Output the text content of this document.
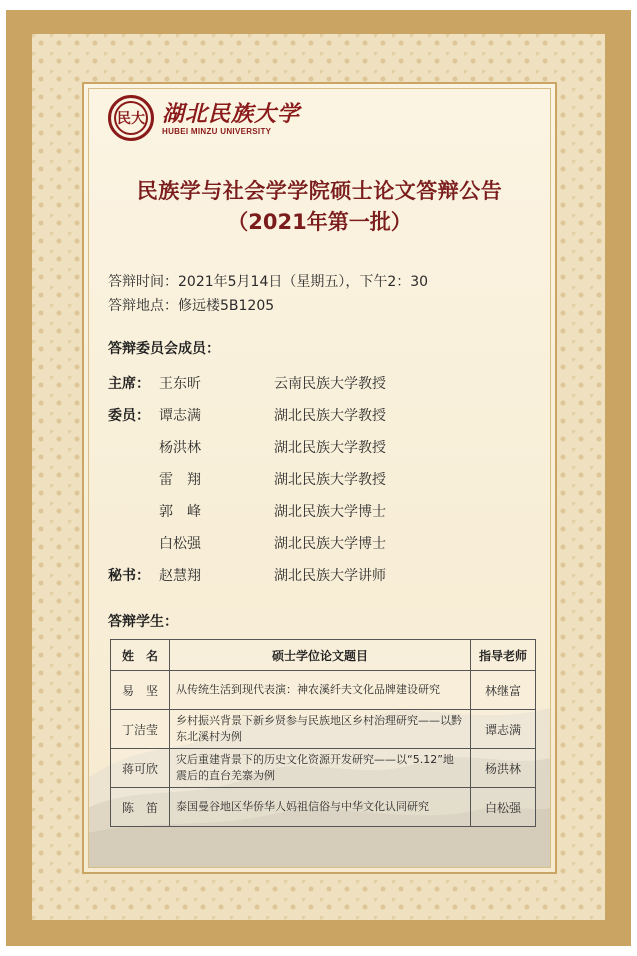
民大 湖北民族大学
HUBEI MINZU UNIVERSITY
民族学与社会学学院硕士论文答辩公告
（2021年第一批）
答辩时间：2021年5月14日（星期五），下午2：30
答辩地点：修远楼5B1205
答辩委员会成员：
主席： 王东昕	云南民族大学教授
委员： 谭志满	湖北民族大学教授
杨洪林	湖北民族大学教授
雷　翔	湖北民族大学教授
郭　峰	湖北民族大学博士
白松强	湖北民族大学博士
秘书： 赵慧翔	湖北民族大学讲师
答辩学生：
姓　名	硕士学位论文题目	指导老师
易　坚	从传统生活到现代表演：神农溪纤夫文化品牌建设研究	林继富
丁洁莹	乡村振兴背景下新乡贤参与民族地区乡村治理研究——以黔东北溪村为例	谭志满
蒋可欣	灾后重建背景下的历史文化资源开发研究——以“5.12”地震后的直台羌寨为例	杨洪林
陈　笛	泰国曼谷地区华侨华人妈祖信俗与中华文化认同研究	白松强
